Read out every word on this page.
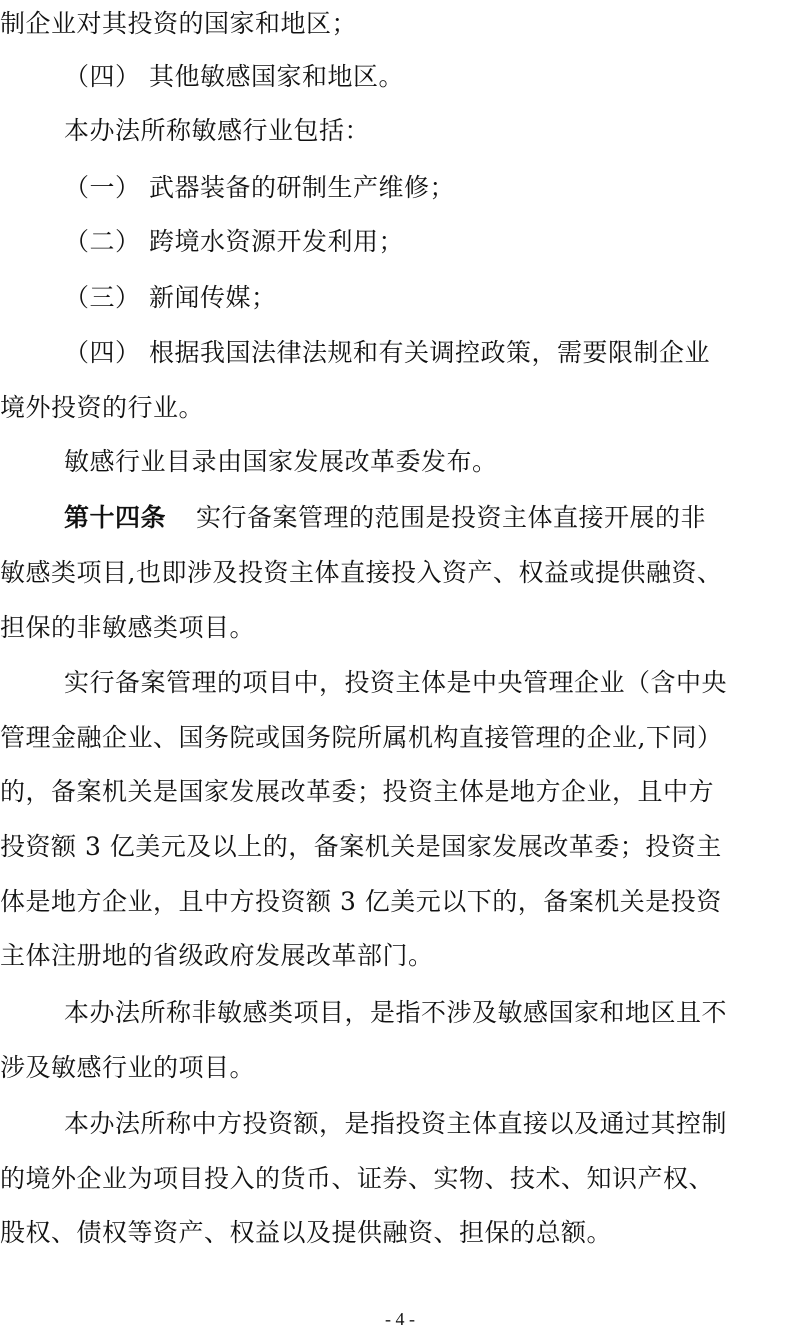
制企业对其投资的国家和地区；
（四） 其他敏感国家和地区。
本办法所称敏感行业包括：
（一） 武器装备的研制生产维修；
（二） 跨境水资源开发利用；
（三） 新闻传媒；
（四） 根据我国法律法规和有关调控政策，需要限制企业
境外投资的行业。
敏感行业目录由国家发展改革委发布。
第十四条 实行备案管理的范围是投资主体直接开展的非
敏感类项目,也即涉及投资主体直接投入资产、权益或提供融资、
担保的非敏感类项目。
实行备案管理的项目中，投资主体是中央管理企业（含中央
管理金融企业、国务院或国务院所属机构直接管理的企业,下同）
的，备案机关是国家发展改革委；投资主体是地方企业，且中方
投资额 3 亿美元及以上的，备案机关是国家发展改革委；投资主
体是地方企业，且中方投资额 3 亿美元以下的，备案机关是投资
主体注册地的省级政府发展改革部门。
本办法所称非敏感类项目，是指不涉及敏感国家和地区且不
涉及敏感行业的项目。
本办法所称中方投资额，是指投资主体直接以及通过其控制
的境外企业为项目投入的货币、证券、实物、技术、知识产权、
股权、债权等资产、权益以及提供融资、担保的总额。
- 4 -
